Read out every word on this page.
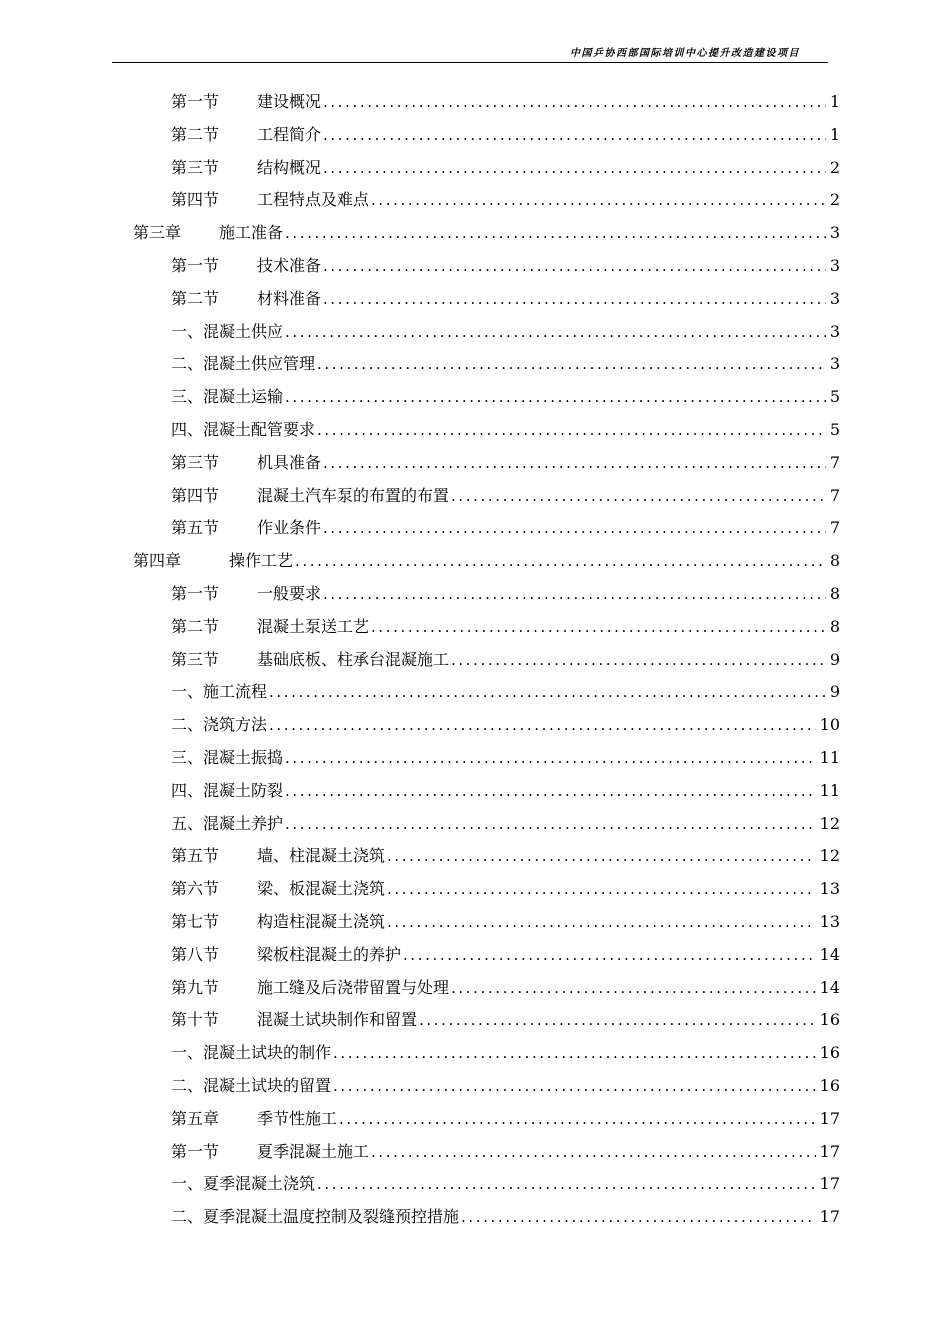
中国乒协西部国际培训中心提升改造建设项目
第一节 建设概况 .....	1
第二节 工程简介 .....	1
第三节 结构概况 .....	2
第四节 工程特点及难点 .....	2
第三章 施工准备 .....	3
第一节 技术准备 .....	3
第二节 材料准备 .....	3
一、混凝土供应 .....	3
二、混凝土供应管理 .....	3
三、混凝土运输 .....	5
四、混凝土配管要求 .....	5
第三节 机具准备 .....	7
第四节 混凝土汽车泵的布置的布置 .....	7
第五节 作业条件 .....	7
第四章	操作工艺 .....	8
第一节 一般要求 .....	8
第二节 混凝土泵送工艺 .....	8
第三节 基础底板、柱承台混凝施工 .....	9
一、施工流程 .....	9
二、浇筑方法 .....	10
三、混凝土振捣 .....	11
四、混凝土防裂 .....	11
五、混凝土养护 .....	12
第五节 墙、柱混凝土浇筑 .....	12
第六节 梁、板混凝土浇筑 .....	13
第七节 构造柱混凝土浇筑 .....	13
第八节 梁板柱混凝土的养护 .....	14
第九节 施工缝及后浇带留置与处理 .....	14
第十节 混凝土试块制作和留置 .....	16
一、混凝土试块的制作 .....	16
二、混凝土试块的留置 .....	16
第五章 季节性施工 .....	17
第一节 夏季混凝土施工 .....	17
一、夏季混凝土浇筑 .....	17
二、夏季混凝土温度控制及裂缝预控措施 .....	17
